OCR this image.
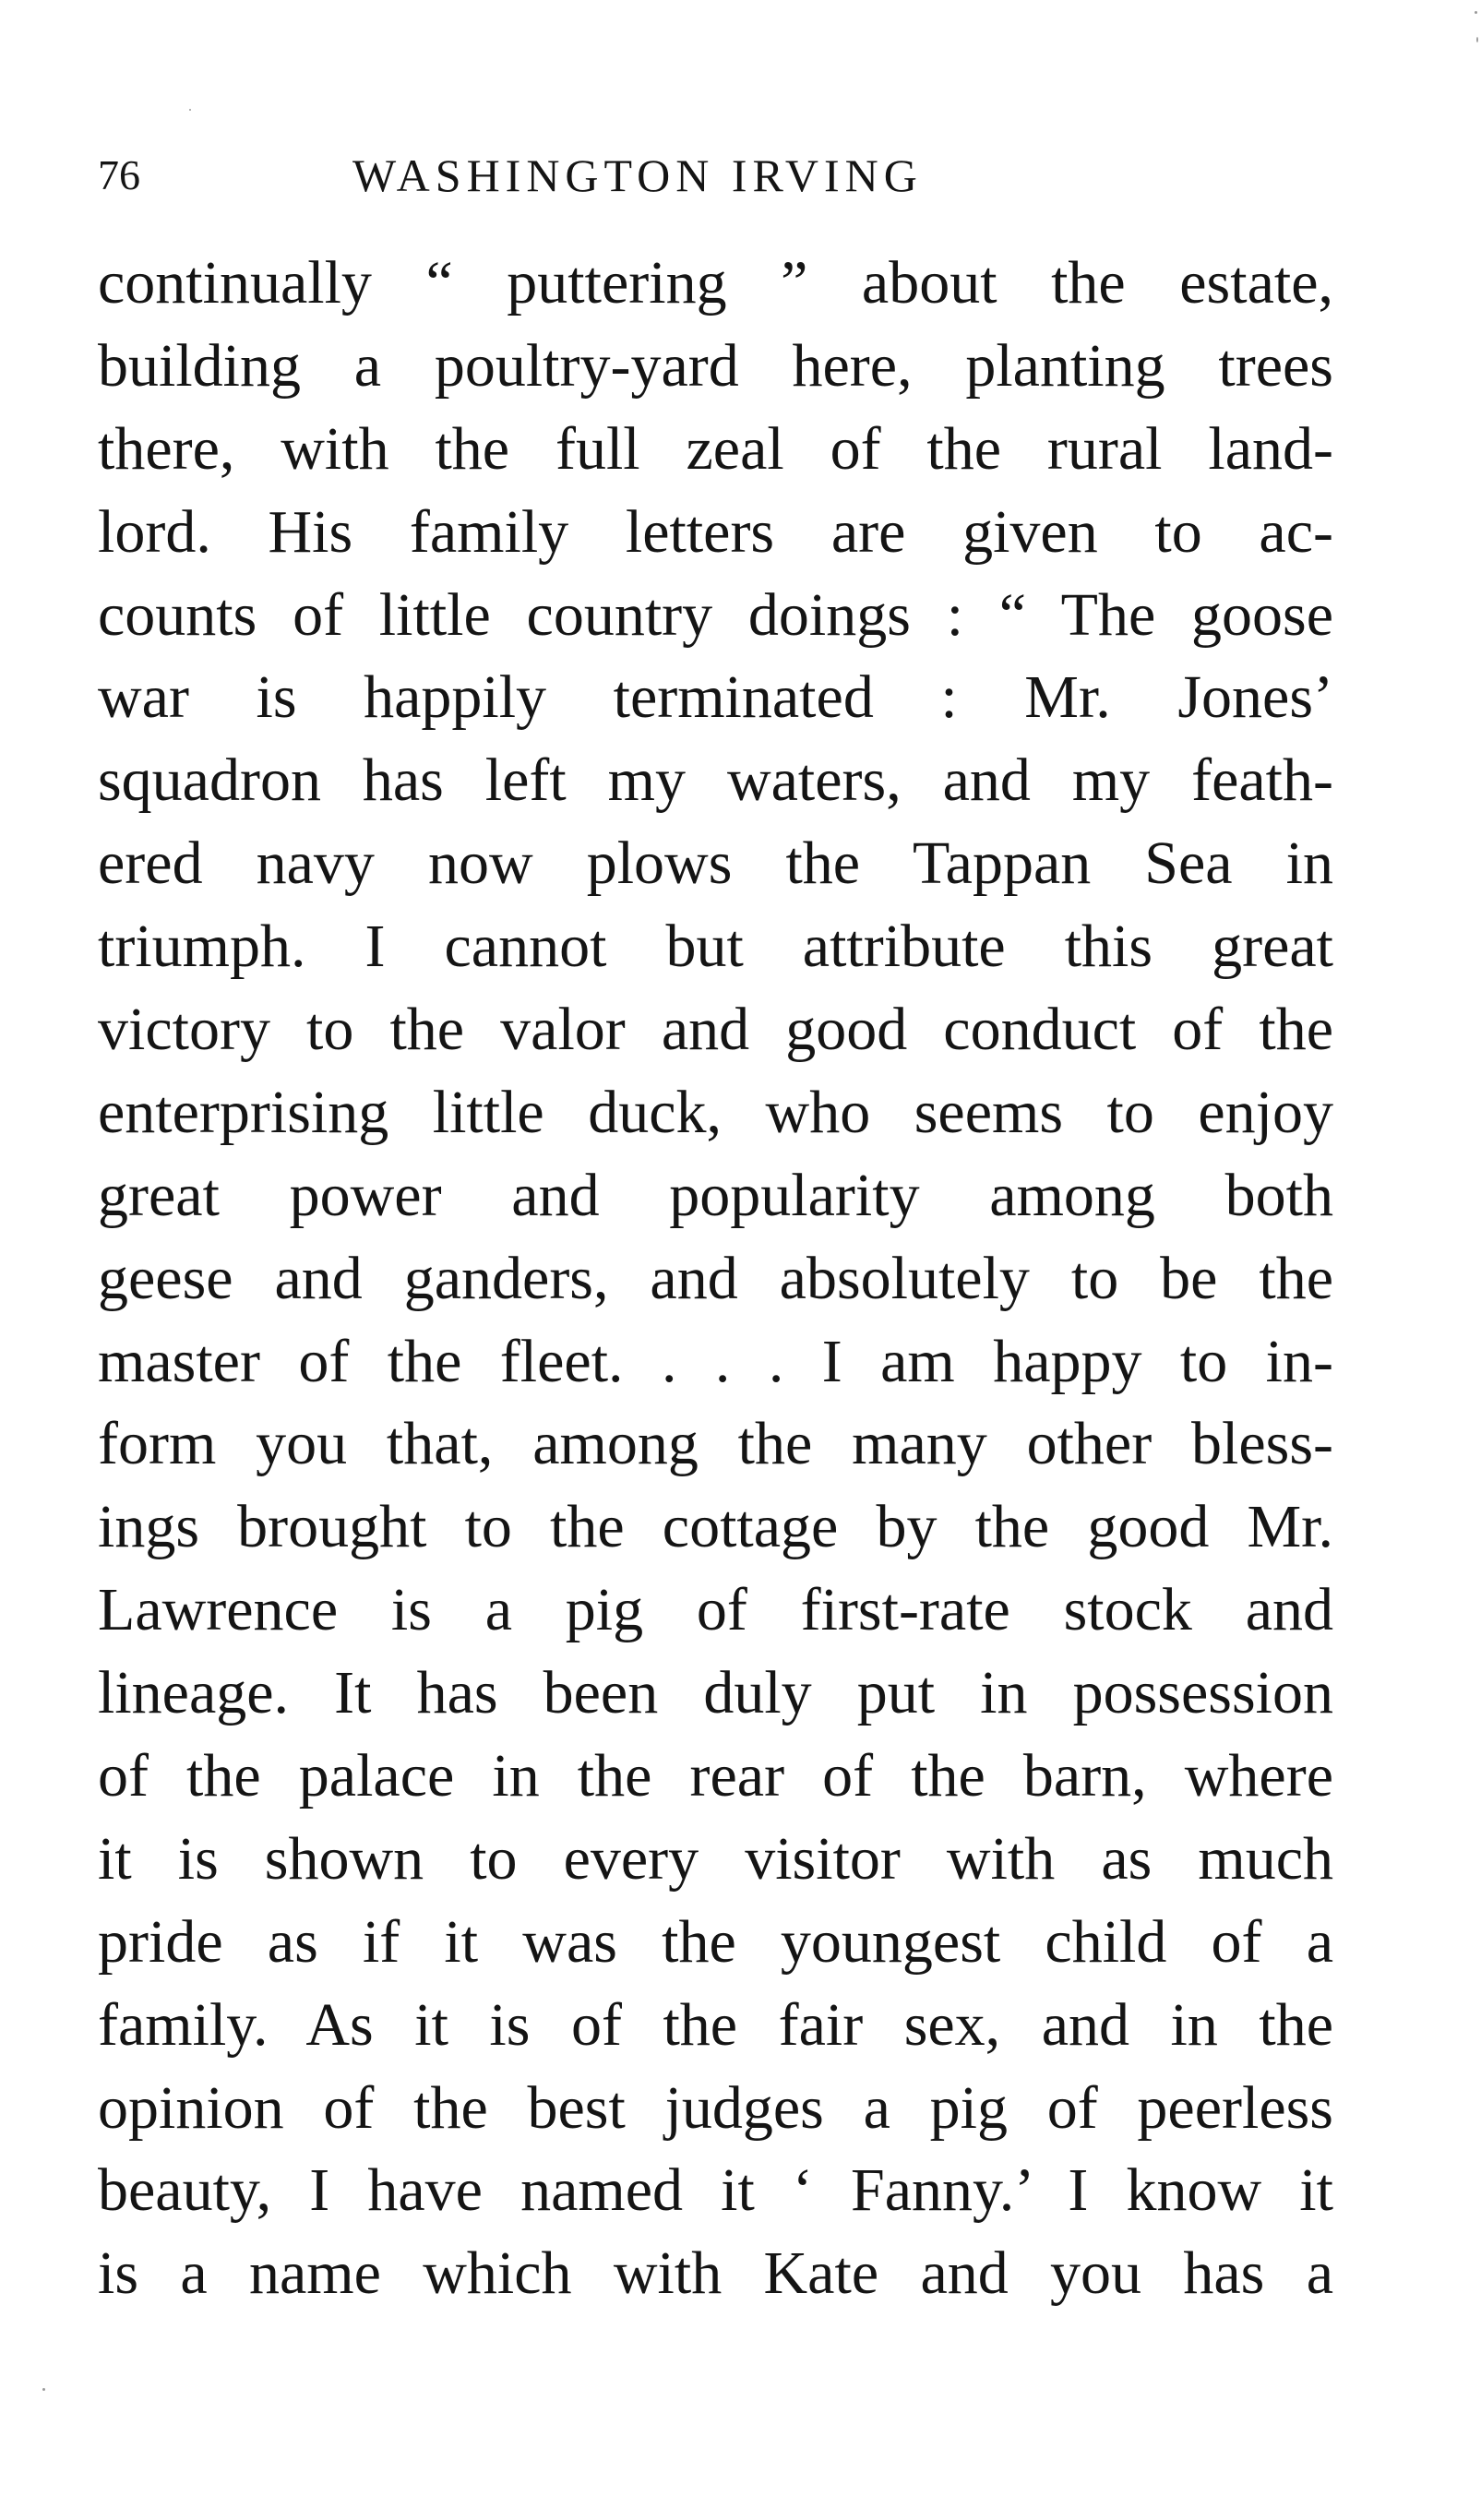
76	WASHINGTON IRVING
continually “ puttering ” about the estate,
building a poultry-yard here, planting trees
there, with the full zeal of the rural land-
lord. His family letters are given to ac-
counts of little country doings : “ The goose
war is happily terminated : Mr. Jones’
squadron has left my waters, and my feath-
ered navy now plows the Tappan Sea in
triumph. I cannot but attribute this great
victory to the valor and good conduct of the
enterprising little duck, who seems to enjoy
great power and popularity among both
geese and ganders, and absolutely to be the
master of the fleet. . . . I am happy to in-
form you that, among the many other bless-
ings brought to the cottage by the good Mr.
Lawrence is a pig of first-rate stock and
lineage. It has been duly put in possession
of the palace in the rear of the barn, where
it is shown to every visitor with as much
pride as if it was the youngest child of a
family. As it is of the fair sex, and in the
opinion of the best judges a pig of peerless
beauty, I have named it ‘ Fanny.’ I know it
is a name which with Kate and you has a
